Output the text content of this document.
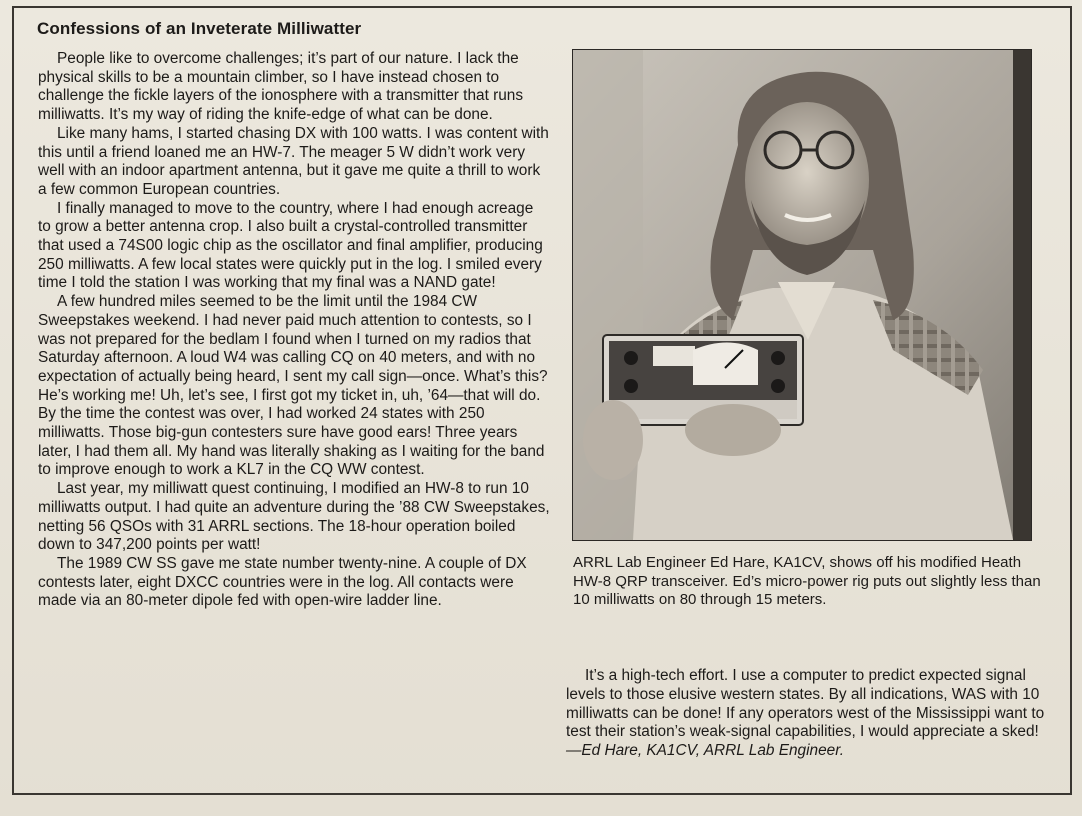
Confessions of an Inveterate Milliwatter

People like to overcome challenges; it’s part of our nature. I lack the physical skills to be a mountain climber, so I have instead chosen to challenge the fickle layers of the ionosphere with a transmitter that runs milliwatts. It’s my way of riding the knife-edge of what can be done.

Like many hams, I started chasing DX with 100 watts. I was content with this until a friend loaned me an HW-7. The meager 5 W didn’t work very well with an indoor apartment antenna, but it gave me quite a thrill to work a few common European countries.

I finally managed to move to the country, where I had enough acreage to grow a better antenna crop. I also built a crystal-controlled transmitter that used a 74S00 logic chip as the oscillator and final amplifier, producing 250 milliwatts. A few local states were quickly put in the log. I smiled every time I told the station I was working that my final was a NAND gate!

A few hundred miles seemed to be the limit until the 1984 CW Sweepstakes weekend. I had never paid much attention to contests, so I was not prepared for the bedlam I found when I turned on my radios that Saturday afternoon. A loud W4 was calling CQ on 40 meters, and with no expectation of actually being heard, I sent my call sign—once. What’s this? He’s working me! Uh, let’s see, I first got my ticket in, uh, ’64—that will do. By the time the contest was over, I had worked 24 states with 250 milliwatts. Those big-gun contesters sure have good ears! Three years later, I had them all. My hand was literally shaking as I waiting for the band to improve enough to work a KL7 in the CQ WW contest.

Last year, my milliwatt quest continuing, I modified an HW-8 to run 10 milliwatts output. I had quite an adventure during the ’88 CW Sweepstakes, netting 56 QSOs with 31 ARRL sections. The 18-hour operation boiled down to 347,200 points per watt!

The 1989 CW SS gave me state number twenty-nine. A couple of DX contests later, eight DXCC countries were in the log. All contacts were made via an 80-meter dipole fed with open-wire ladder line.

ARRL Lab Engineer Ed Hare, KA1CV, shows off his modified Heath HW-8 QRP transceiver. Ed’s micro-power rig puts out slightly less than 10 milliwatts on 80 through 15 meters.

It’s a high-tech effort. I use a computer to predict expected signal levels to those elusive western states. By all indications, WAS with 10 milliwatts can be done! If any operators west of the Mississippi want to test their station’s weak-signal capabilities, I would appreciate a sked!—Ed Hare, KA1CV, ARRL Lab Engineer.
